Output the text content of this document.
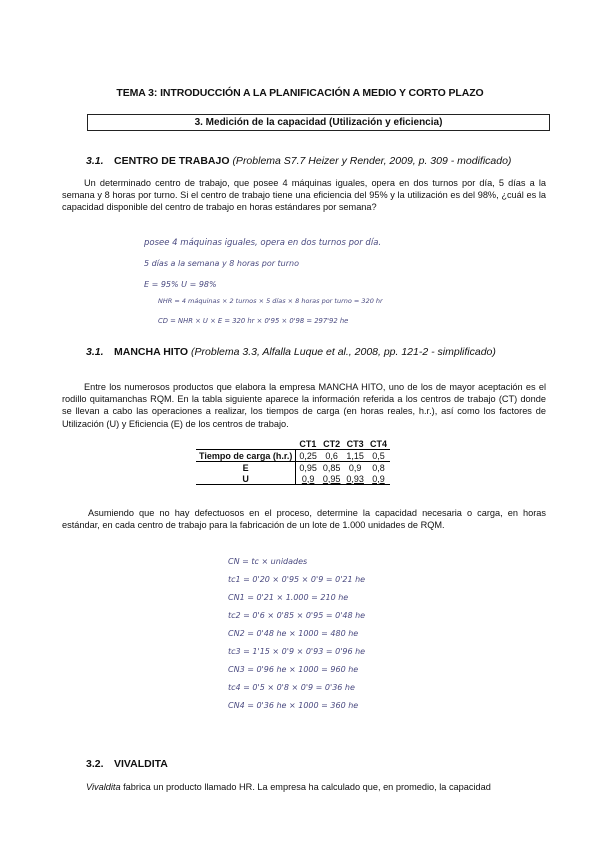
TEMA 3: INTRODUCCIÓN A LA PLANIFICACIÓN A MEDIO Y CORTO PLAZO
3. Medición de la capacidad (Utilización y eficiencia)
3.1. CENTRO DE TRABAJO (Problema S7.7 Heizer y Render, 2009, p. 309 - modificado)
Un determinado centro de trabajo, que posee 4 máquinas iguales, opera en dos turnos por día, 5 días a la semana y 8 horas por turno. Si el centro de trabajo tiene una eficiencia del 95% y la utilización es del 98%, ¿cuál es la capacidad disponible del centro de trabajo en horas estándares por semana?
posee 4 máquinas iguales, opera en dos turnos por día.
5 días a la semana y 8 horas por turno
E = 95% U = 98%
NHR = 4 máquinas × 2 turnos × 5 días × 8 horas por turno = 320 hr
CD = NHR × U × E = 320 hr × 0'95 × 0'98 = 297'92 he
3.1. MANCHA HITO (Problema 3.3, Alfalla Luque et al., 2008, pp. 121-2 - simplificado)
Entre los numerosos productos que elabora la empresa MANCHA HITO, uno de los de mayor aceptación es el rodillo quitamanchas RQM. En la tabla siguiente aparece la información referida a los centros de trabajo (CT) donde se llevan a cabo las operaciones a realizar, los tiempos de carga (en horas reales, h.r.), así como los factores de Utilización (U) y Eficiencia (E) de los centros de trabajo.
	CT1	CT2	CT3	CT4
Tiempo de carga (h.r.)	0,25	0,6	1,15	0,5
E	0,95	0,85	0,9	0,8
U	0,9	0,95	0,93	0,9
Asumiendo que no hay defectuosos en el proceso, determine la capacidad necesaria o carga, en horas estándar, en cada centro de trabajo para la fabricación de un lote de 1.000 unidades de RQM.
CN = tc × unidades
tc1 = 0'20 × 0'95 × 0'9 = 0'21 he
CN1 = 0'21 × 1.000 = 210 he
tc2 = 0'6 × 0'85 × 0'95 = 0'48 he
CN2 = 0'48 he × 1000 = 480 he
tc3 = 1'15 × 0'9 × 0'93 = 0'96 he
CN3 = 0'96 he × 1000 = 960 he
tc4 = 0'5 × 0'8 × 0'9 = 0'36 he
CN4 = 0'36 he × 1000 = 360 he
3.2. VIVALDITA
Vivaldita fabrica un producto llamado HR. La empresa ha calculado que, en promedio, la capacidad
